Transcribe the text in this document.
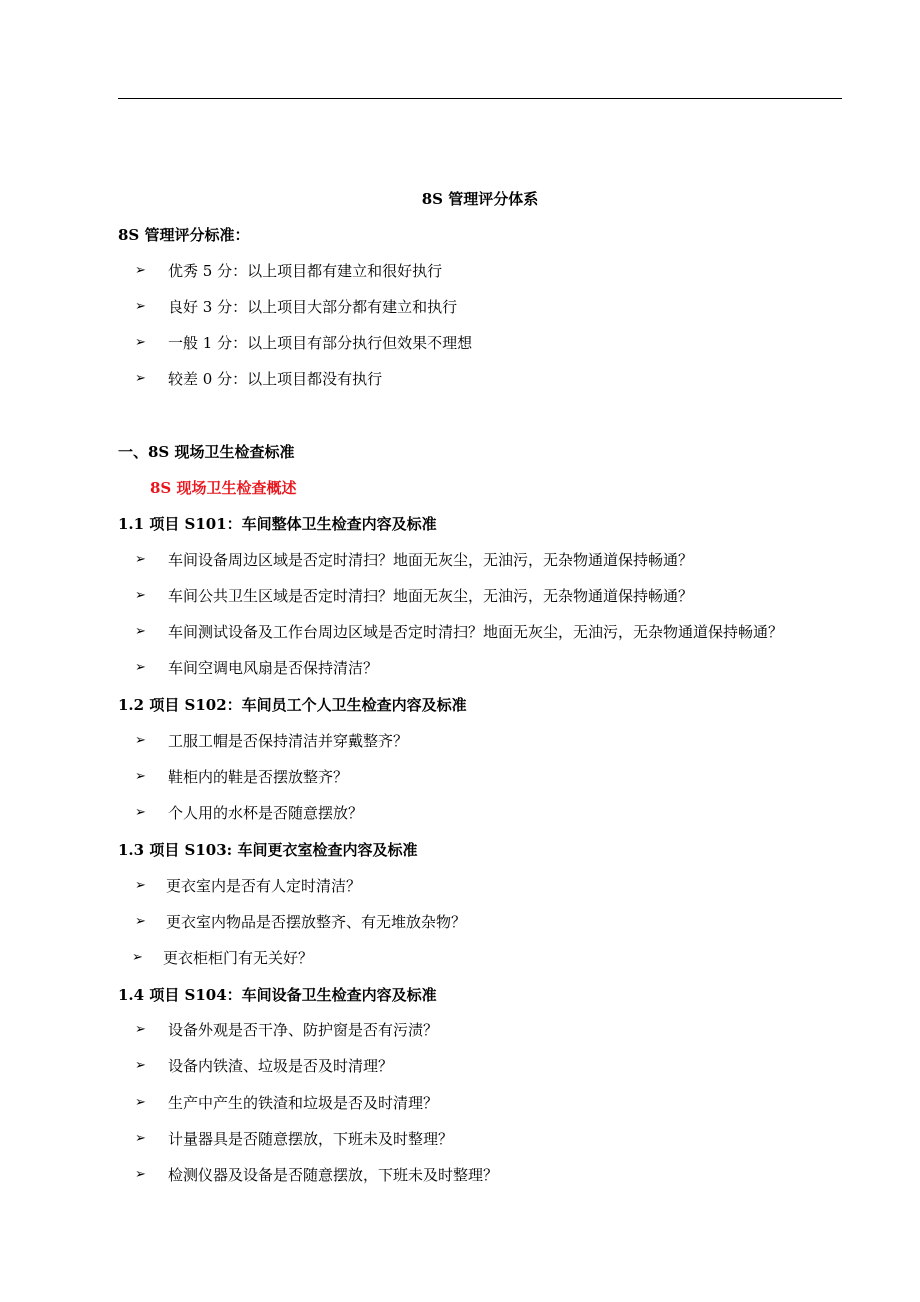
8S 管理评分体系
8S 管理评分标准：
➢ 优秀 5 分：以上项目都有建立和很好执行
➢ 良好 3 分：以上项目大部分都有建立和执行
➢ 一般 1 分：以上项目有部分执行但效果不理想
➢ 较差 0 分：以上项目都没有执行
一、8S 现场卫生检查标准
8S 现场卫生检查概述
1.1 项目 S101：车间整体卫生检查内容及标准
➢ 车间设备周边区域是否定时清扫？地面无灰尘，无油污，无杂物通道保持畅通？
➢ 车间公共卫生区域是否定时清扫？地面无灰尘，无油污，无杂物通道保持畅通？
➢ 车间测试设备及工作台周边区域是否定时清扫？地面无灰尘，无油污，无杂物通道保持畅通？
➢ 车间空调电风扇是否保持清洁？
1.2 项目 S102：车间员工个人卫生检查内容及标准
➢ 工服工帽是否保持清洁并穿戴整齐？
➢ 鞋柜内的鞋是否摆放整齐？
➢ 个人用的水杯是否随意摆放？
1.3 项目 S103: 车间更衣室检查内容及标准
➢ 更衣室内是否有人定时清洁？
➢ 更衣室内物品是否摆放整齐、有无堆放杂物？
➢ 更衣柜柜门有无关好？
1.4 项目 S104：车间设备卫生检查内容及标准
➢ 设备外观是否干净、防护窗是否有污渍？
➢ 设备内铁渣、垃圾是否及时清理？
➢ 生产中产生的铁渣和垃圾是否及时清理？
➢ 计量器具是否随意摆放，下班未及时整理？
➢ 检测仪器及设备是否随意摆放，下班未及时整理？
